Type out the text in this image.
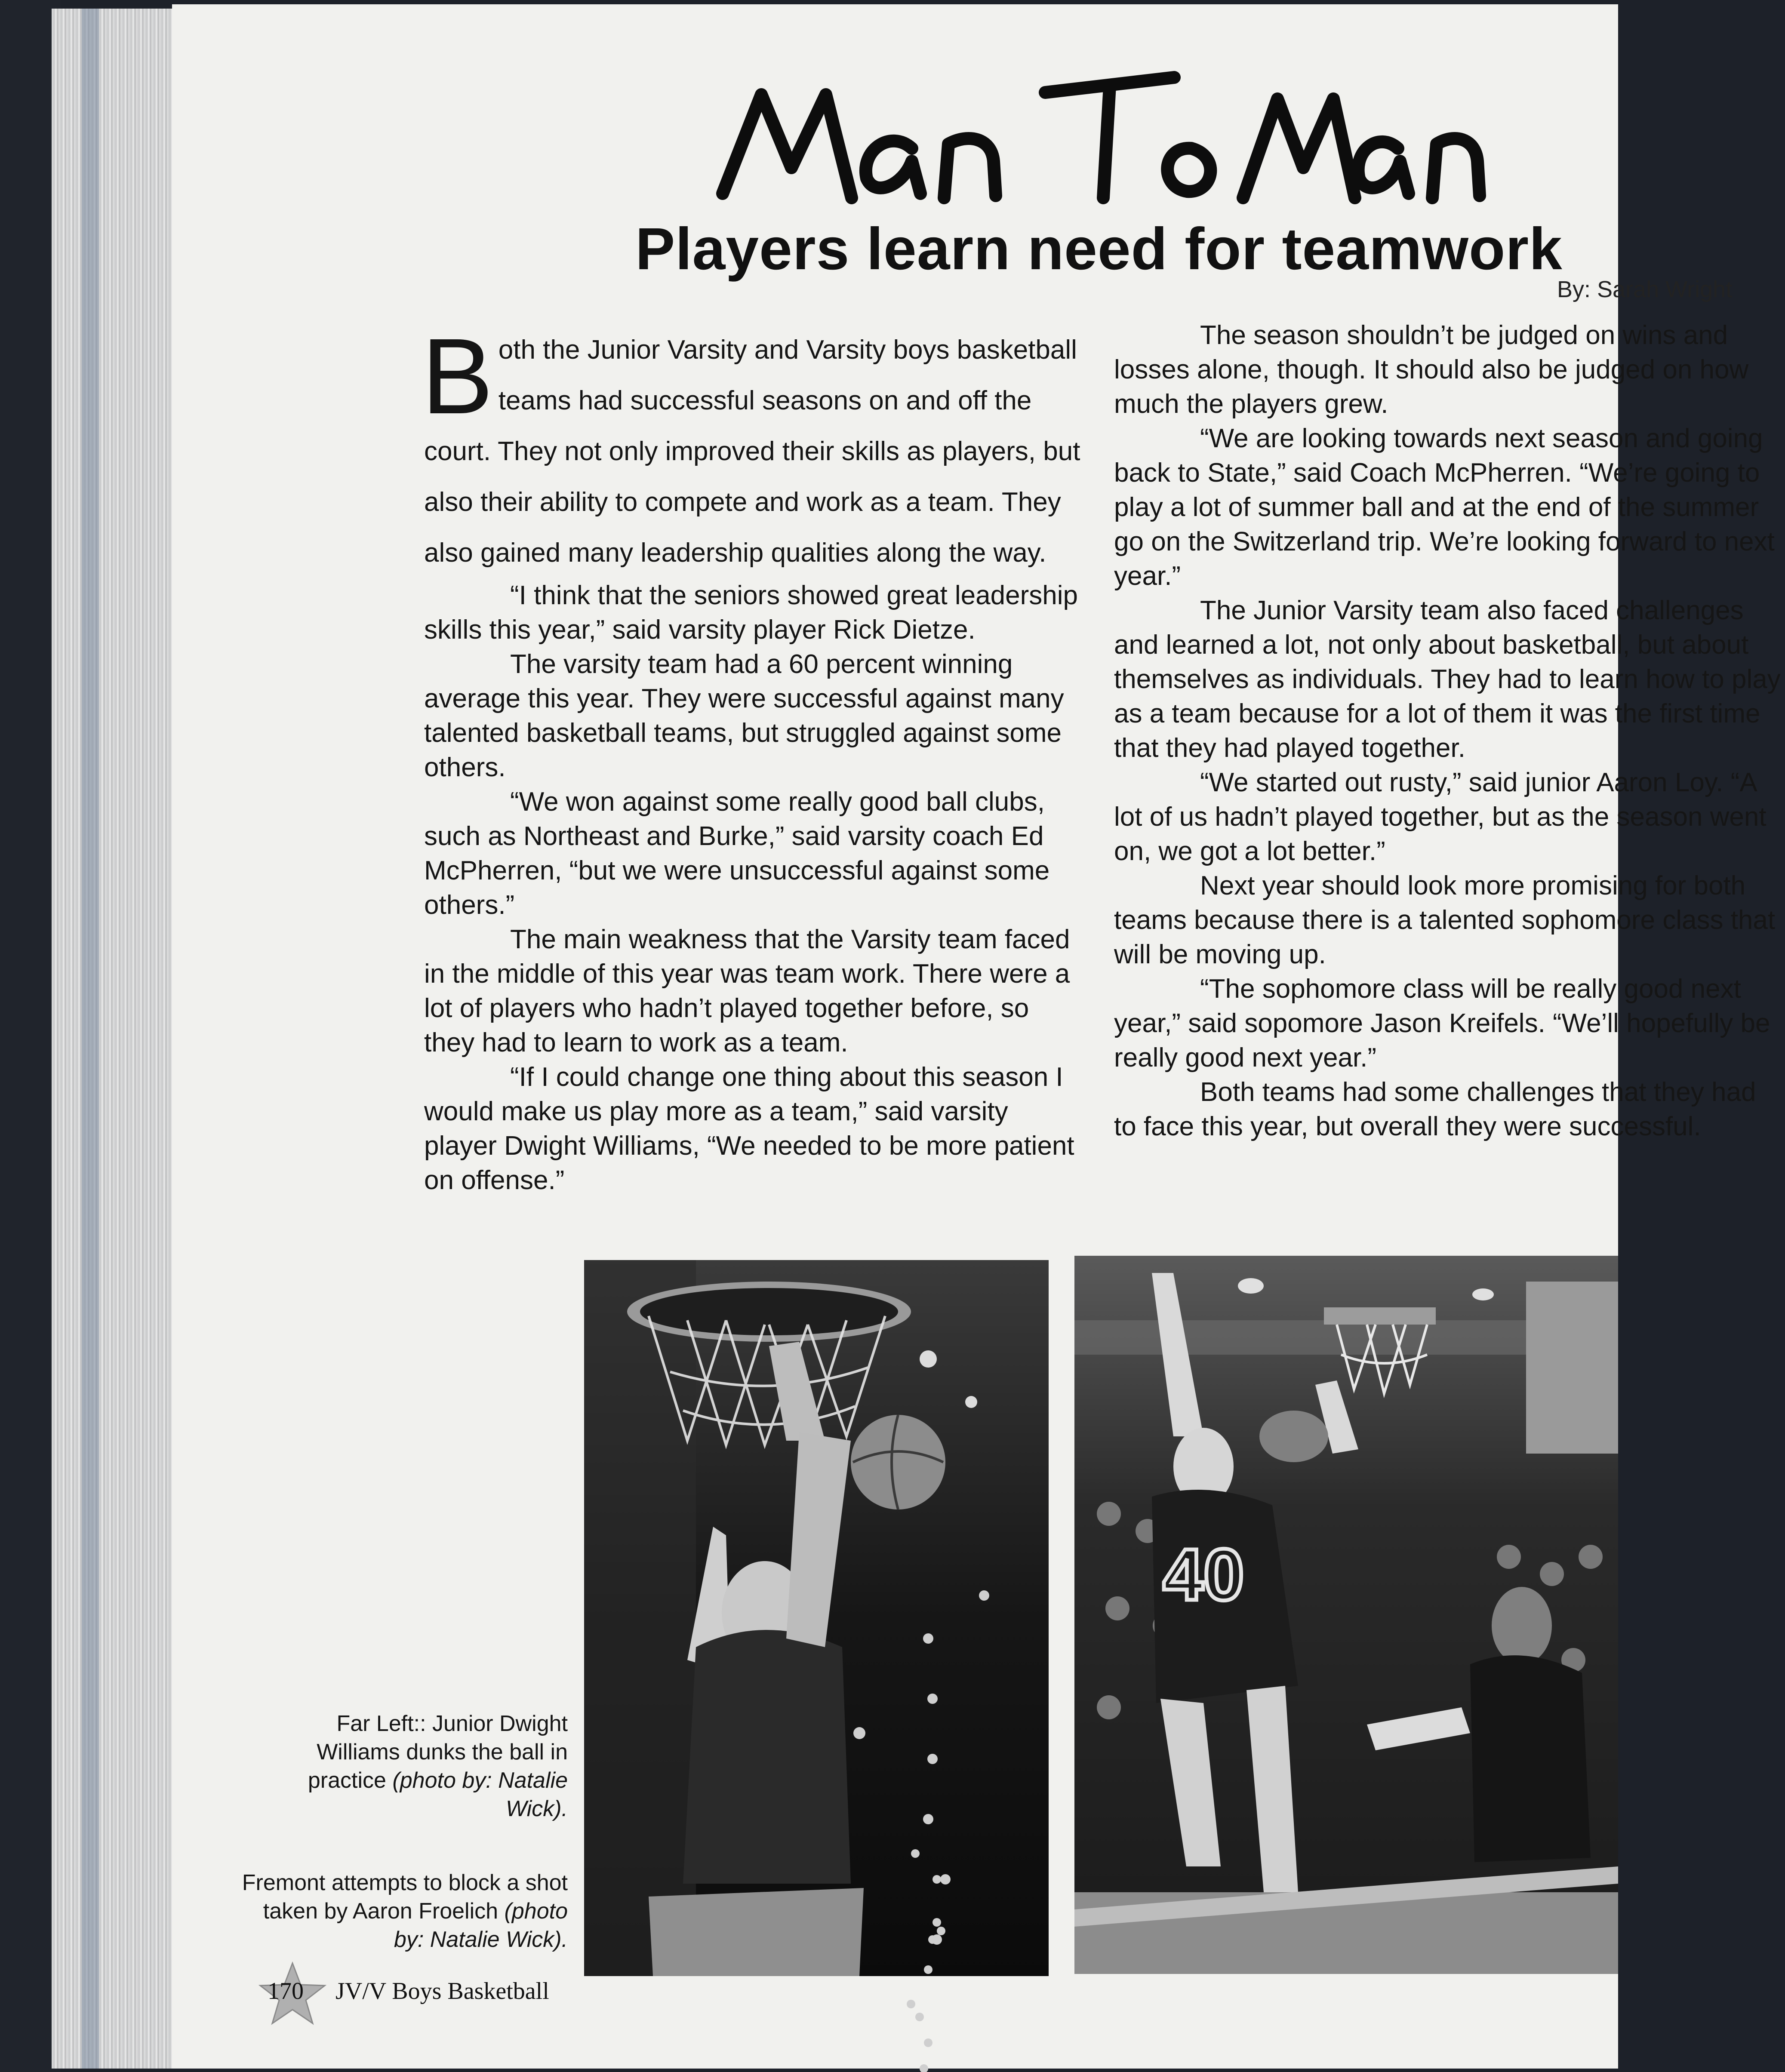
Players learn need for teamwork
By: Sarah Wright
B oth the Junior Varsity and Varsity boys basketball teams had successful seasons on and off the court. They not only improved their skills as players, but also their ability to compete and work as a team. They also gained many leadership qualities along the way.

“I think that the seniors showed great leadership skills this year,” said varsity player Rick Dietze.

The varsity team had a 60 percent winning average this year. They were successful against many talented basketball teams, but struggled against some others.

“We won against some really good ball clubs, such as Northeast and Burke,” said varsity coach Ed McPherren, “but we were unsuccessful against some others.”

The main weakness that the Varsity team faced in the middle of this year was team work. There were a lot of players who hadn’t played together before, so they had to learn to work as a team.

“If I could change one thing about this season I would make us play more as a team,” said varsity player Dwight Williams, “We needed to be more patient on offense.”

The season shouldn’t be judged on wins and losses alone, though. It should also be judged on how much the players grew.

“We are looking towards next season and going back to State,” said Coach McPherren. “We’re going to play a lot of summer ball and at the end of the summer go on the Switzerland trip. We’re looking forward to next year.”

The Junior Varsity team also faced challenges and learned a lot, not only about basketball, but about themselves as individuals. They had to learn how to play as a team because for a lot of them it was the first time that they had played together.

“We started out rusty,” said junior Aaron Loy. “A lot of us hadn’t played together, but as the season went on, we got a lot better.”

Next year should look more promising for both teams because there is a talented sophomore class that will be moving up.

“The sophomore class will be really good next year,” said sopomore Jason Kreifels. “We’ll hopefully be really good next year.”

Both teams had some challenges that they had to face this year, but overall they were successful.

40
Far Left:: Junior Dwight Williams dunks the ball in practice (photo by: Natalie Wick).
Fremont attempts to block a shot taken by Aaron Froelich (photo by: Natalie Wick).
170 JV/V Boys Basketball
